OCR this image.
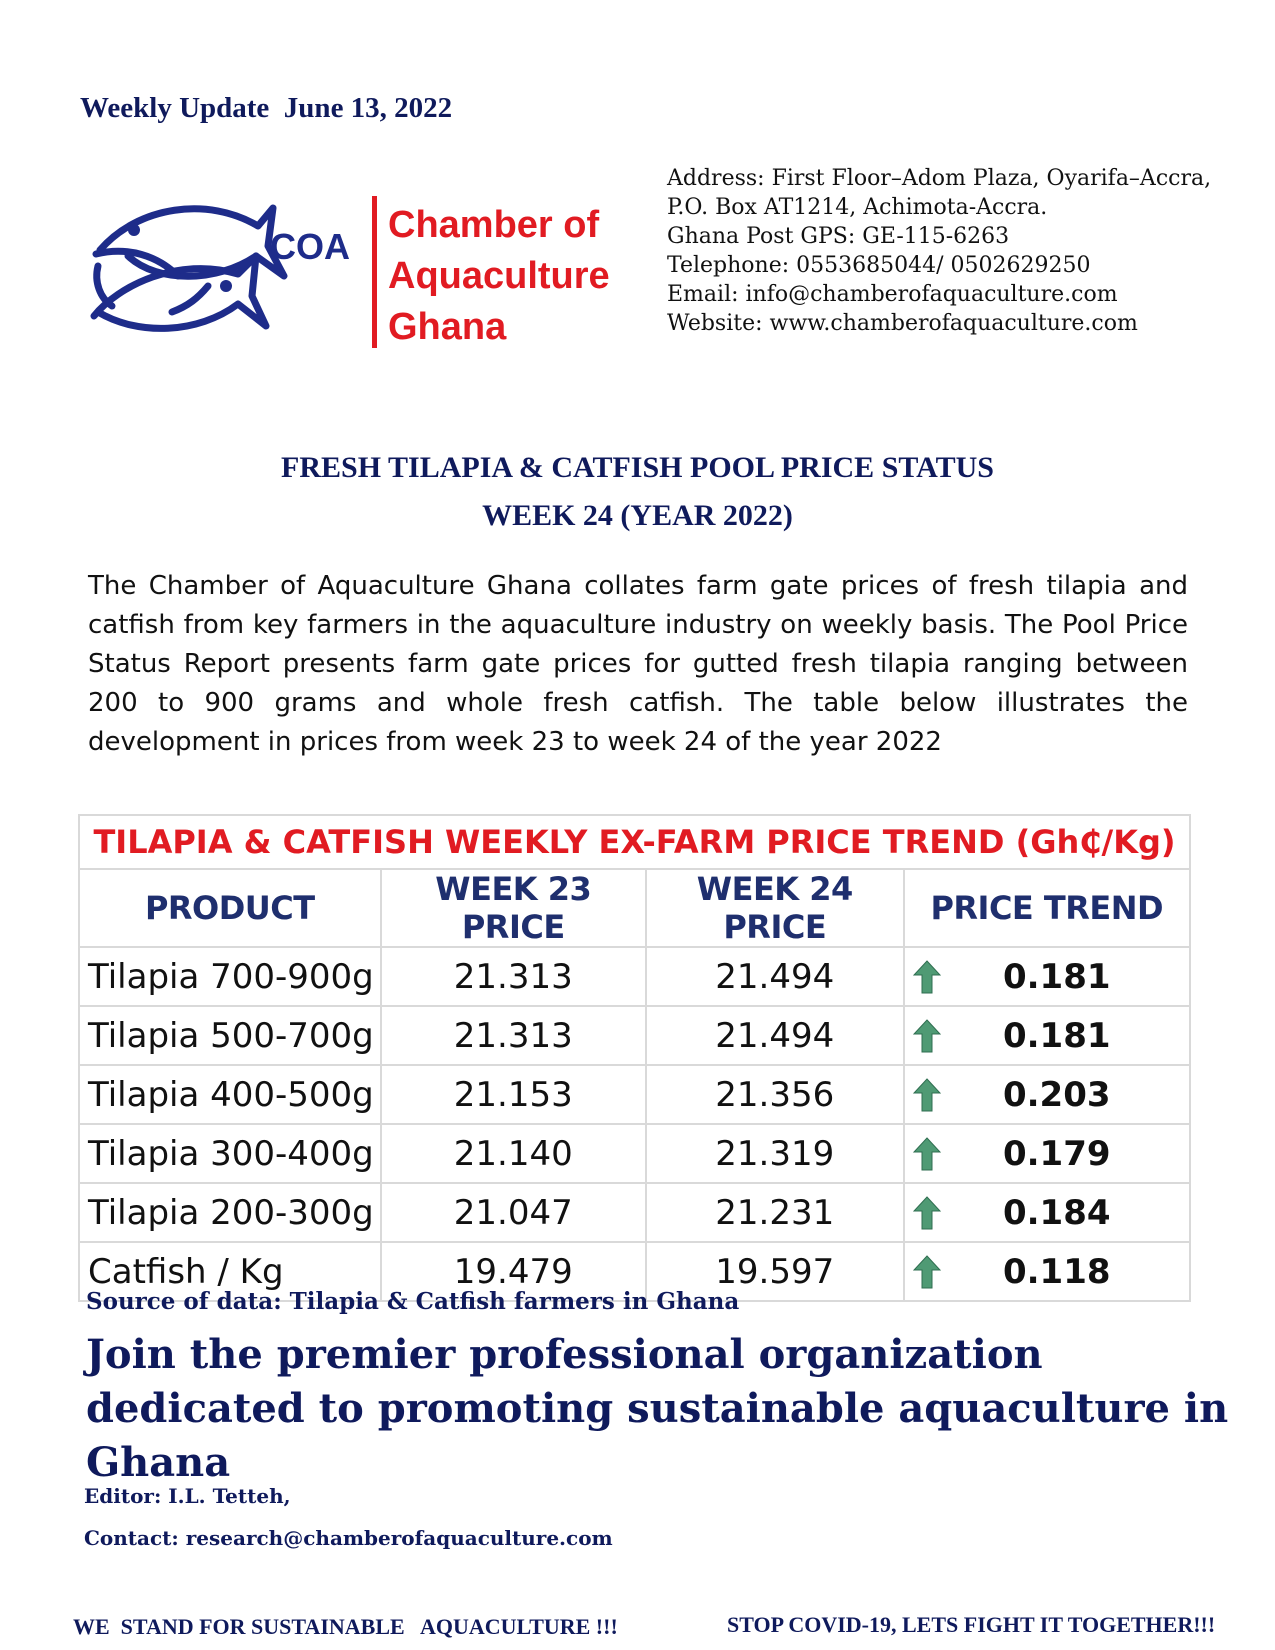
Weekly Update  June 13, 2022
COA
Chamber of
Aquaculture
Ghana
Address: First Floor–Adom Plaza, Oyarifa–Accra,
P.O. Box AT1214, Achimota-Accra.
Ghana Post GPS: GE-115-6263
Telephone: 0553685044/ 0502629250
Email: info@chamberofaquaculture.com
Website: www.chamberofaquaculture.com
FRESH TILAPIA & CATFISH POOL PRICE STATUS
WEEK 24 (YEAR 2022)

The Chamber of Aquaculture Ghana collates farm gate prices of fresh tilapia and catfish from key farmers in the aquaculture industry on weekly basis. The Pool Price Status Report presents farm gate prices for gutted fresh tilapia ranging between 200 to 900 grams and whole fresh catfish. The table below illustrates the development in prices from week 23 to week 24 of the year 2022

TILAPIA & CATFISH WEEKLY EX-FARM PRICE TREND (Gh₵/Kg)			
PRODUCT	WEEK 23 PRICE	WEEK 24 PRICE	PRICE TREND
Tilapia 700-900g	21.313	21.494	0.181

Tilapia 500-700g	21.313	21.494	0.181

Tilapia 400-500g	21.153	21.356	0.203

Tilapia 300-400g	21.140	21.319	0.179

Tilapia 200-300g	21.047	21.231	0.184

Catfish / Kg	19.479	19.597	0.118
Source of data: Tilapia & Catfish farmers in Ghana
Join the premier professional organization dedicated to promoting sustainable aquaculture in Ghana
Editor: I.L. Tetteh,
Contact: research@chamberofaquaculture.com
WE  STAND FOR SUSTAINABLE   AQUACULTURE !!!	STOP COVID-19, LETS FIGHT IT TOGETHER!!!
